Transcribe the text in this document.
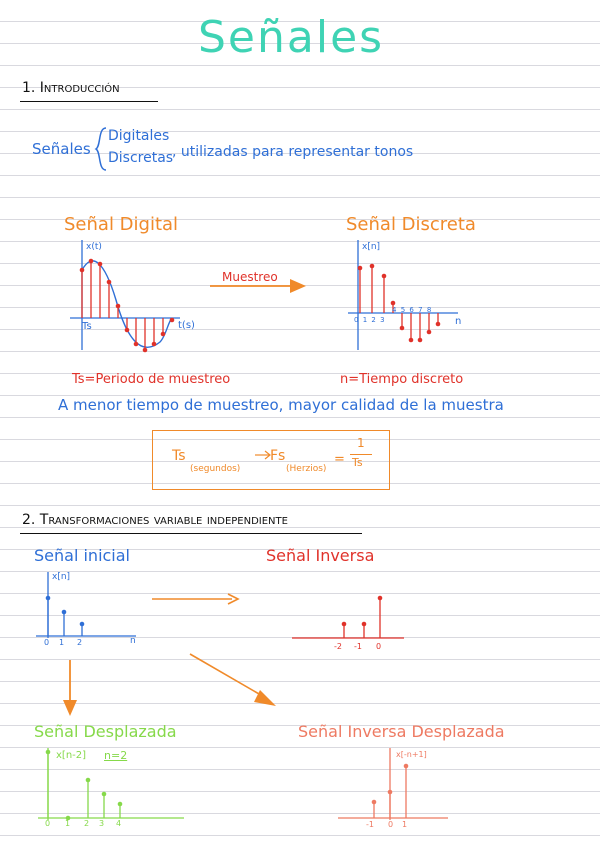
Señales
1. Introducción
Señales
Digitales
Discretas
, utilizadas para representar tonos
Señal Digital
x(t)
Ts	t(s)
Muestreo
Señal Discreta
x[n]
0 1 2 3
4 5 6 7 8
n
Ts=Periodo de muestreo	n=Tiempo discreto
A menor tiempo de muestreo, mayor calidad de la muestra
Ts
(segundos)
Fs
(Herzios)
=
1
Ts
2. Transformaciones variable independiente
Señal inicial
x[n]
0 1 2	n
Señal Inversa
-2 -1 0
Señal Desplazada
x[n-2] n=2
0 1 2 3 4
Señal Inversa Desplazada
x[-n+1]
-1 0 1
